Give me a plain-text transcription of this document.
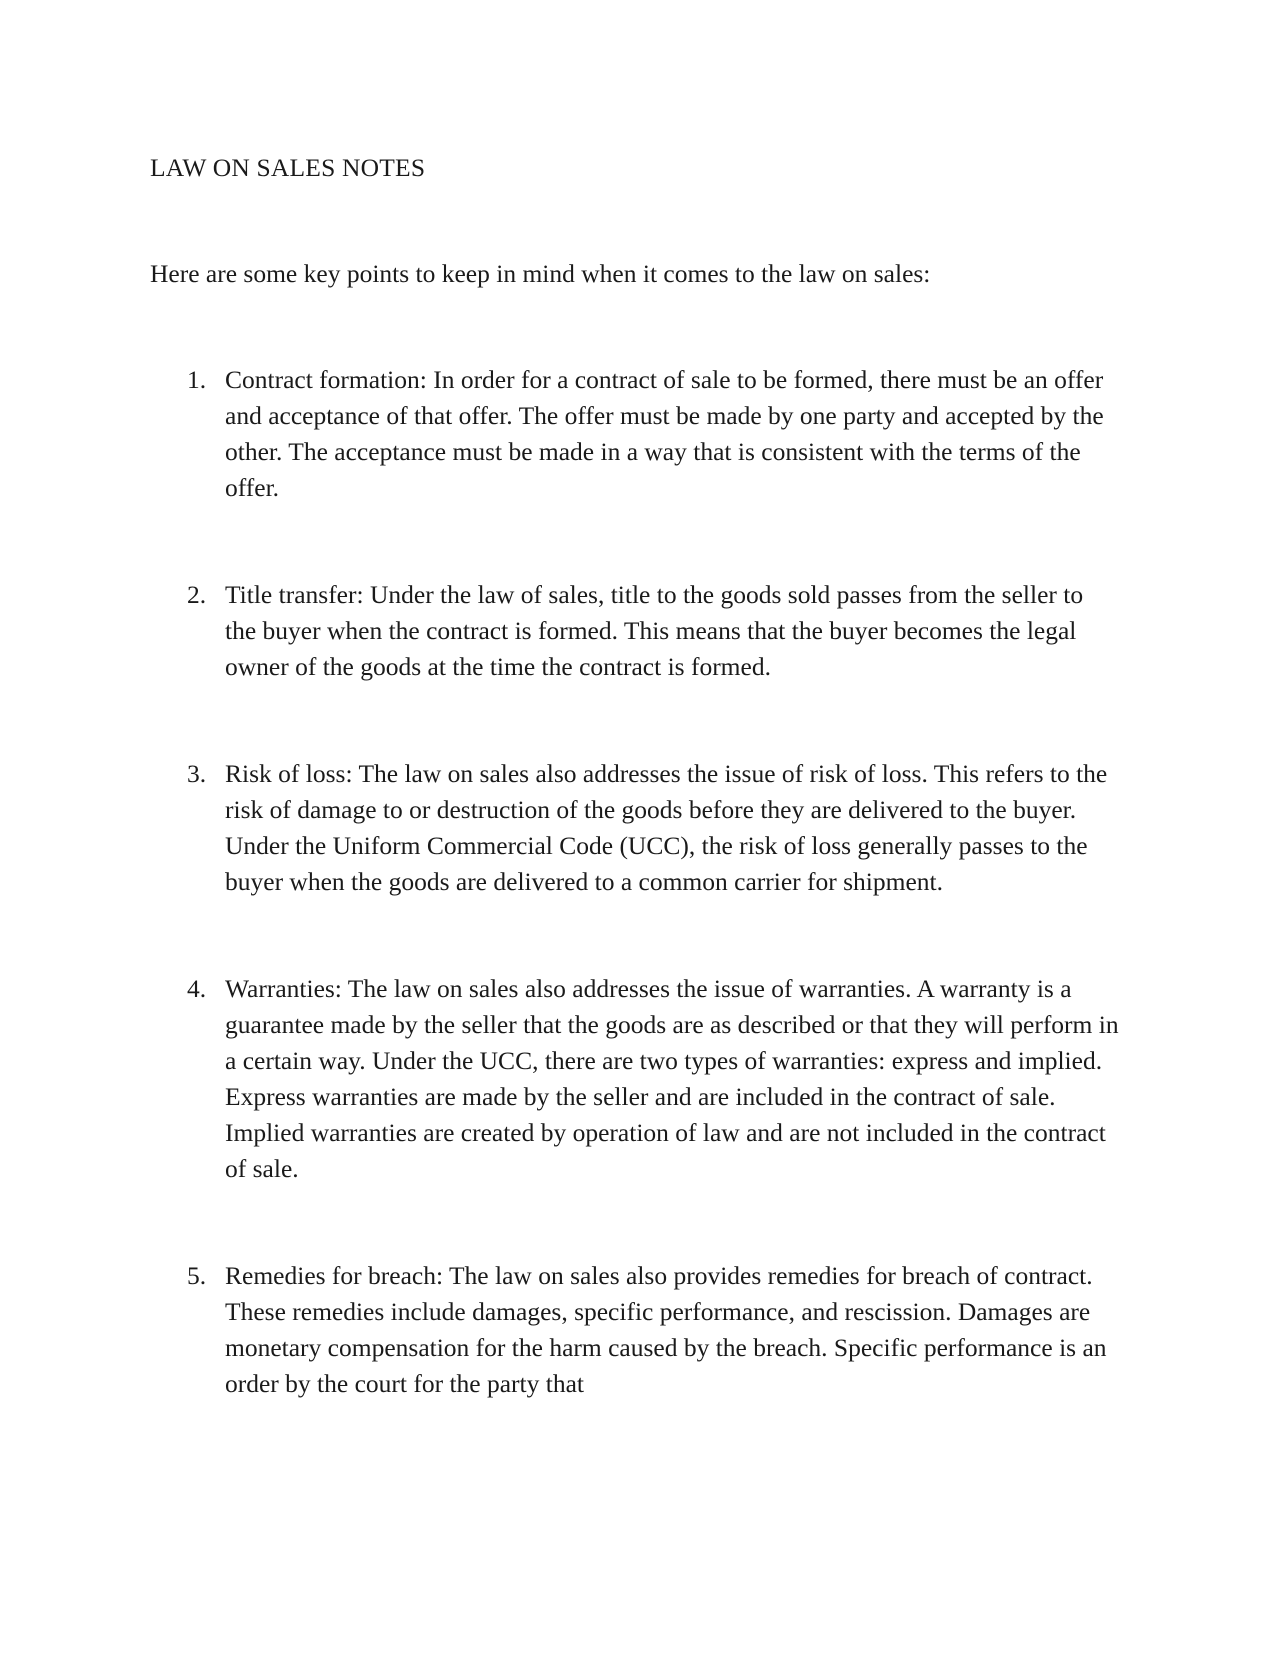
LAW ON SALES NOTES

Here are some key points to keep in mind when it comes to the law on sales:

1. Contract formation: In order for a contract of sale to be formed, there must be an offer and acceptance of that offer. The offer must be made by one party and accepted by the other. The acceptance must be made in a way that is consistent with the terms of the offer.

2. Title transfer: Under the law of sales, title to the goods sold passes from the seller to the buyer when the contract is formed. This means that the buyer becomes the legal owner of the goods at the time the contract is formed.

3. Risk of loss: The law on sales also addresses the issue of risk of loss. This refers to the risk of damage to or destruction of the goods before they are delivered to the buyer. Under the Uniform Commercial Code (UCC), the risk of loss generally passes to the buyer when the goods are delivered to a common carrier for shipment.

4. Warranties: The law on sales also addresses the issue of warranties. A warranty is a guarantee made by the seller that the goods are as described or that they will perform in a certain way. Under the UCC, there are two types of warranties: express and implied. Express warranties are made by the seller and are included in the contract of sale. Implied warranties are created by operation of law and are not included in the contract of sale.

5. Remedies for breach: The law on sales also provides remedies for breach of contract. These remedies include damages, specific performance, and rescission. Damages are monetary compensation for the harm caused by the breach. Specific performance is an order by the court for the party that
